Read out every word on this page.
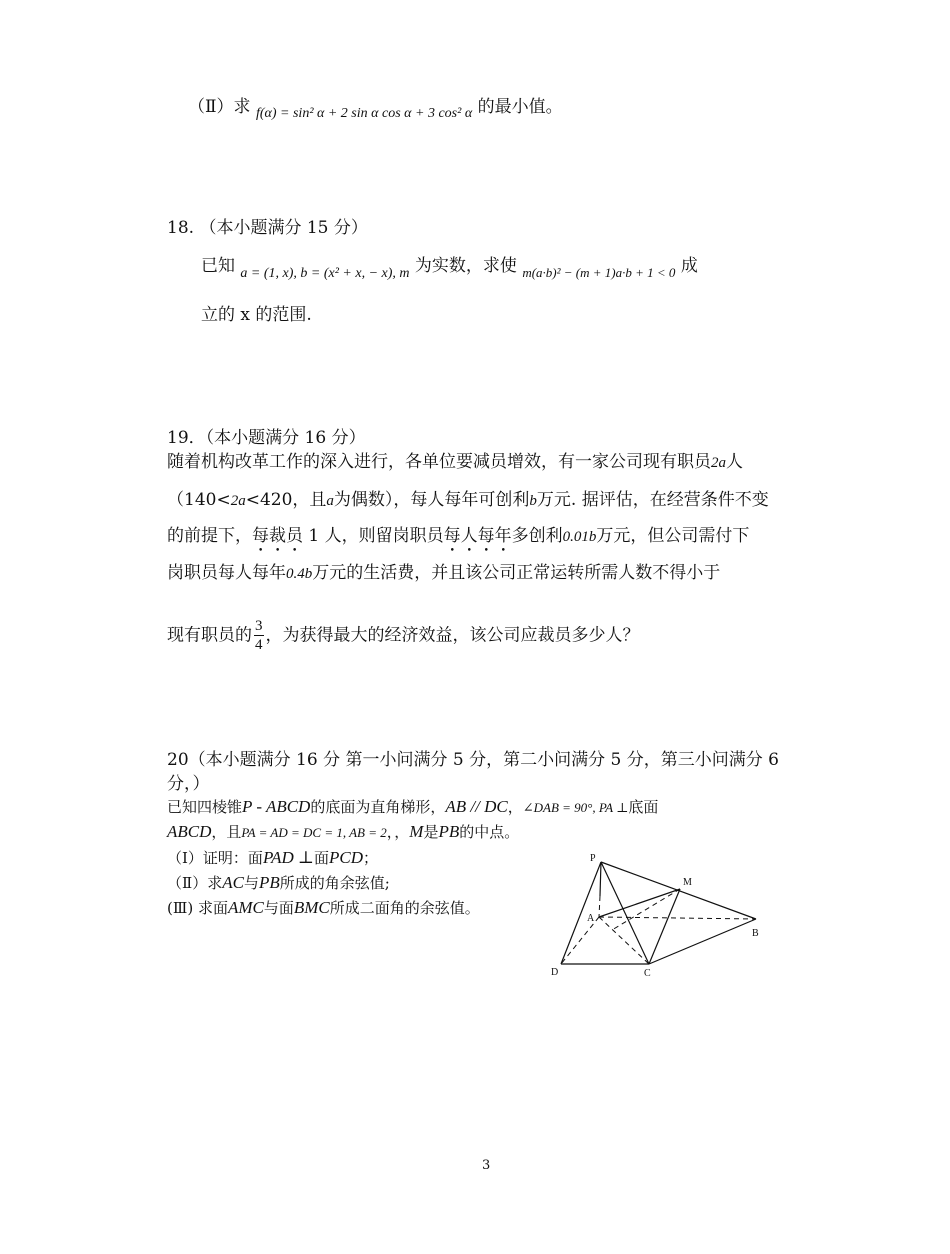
（Ⅱ）求 $_{f(\alpha) = sin^2 \alpha + 2 sin \alpha cos \alpha + 3 cos^2 \alpha}$ 的最小值。
18. （本小题满分 15 分）
已知 $_{a = (1, x), b = (x^2 + x, - x), m}$ 为实数，求使 $_{m(a\cdot b)^2 - (m + 1)a\cdot b + 1 < 0}$ 成
立的 x 的范围.
19．（本小题满分 16 分）
随着机构改革工作的深入进行，各单位要减员增效，有一家公司现有职员2a人
（140<2a<420，且a为偶数），每人每年可创利b万元. 据评估，在经营条件不变
的前提下，每裁员 1 人，则留岗职员每人每年多创利0.01b万元，但公司需付下
岗职员每人每年0.4b万元的生活费，并且该公司正常运转所需人数不得小于
现有职员的 $\frac{3}{4}$ ，为获得最大的经济效益，该公司应裁员多少人？
20（本小题满分 16 分 第一小问满分 5 分，第二小问满分 5 分，第三小问满分 6
分，）
已知四棱锥P - ABCD的底面为直角梯形，AB // DC，∠DAB = 90°, PA ⊥底面
ABCD，且PA = AD = DC = 1, AB = 2，，M是PB的中点。
（Ⅰ）证明：面PAD ⊥面PCD；
（Ⅱ）求AC与PB所成的角余弦值;
(Ⅲ) 求面AMC与面BMC所成二面角的余弦值。
P
M
A
B
D	C
3
